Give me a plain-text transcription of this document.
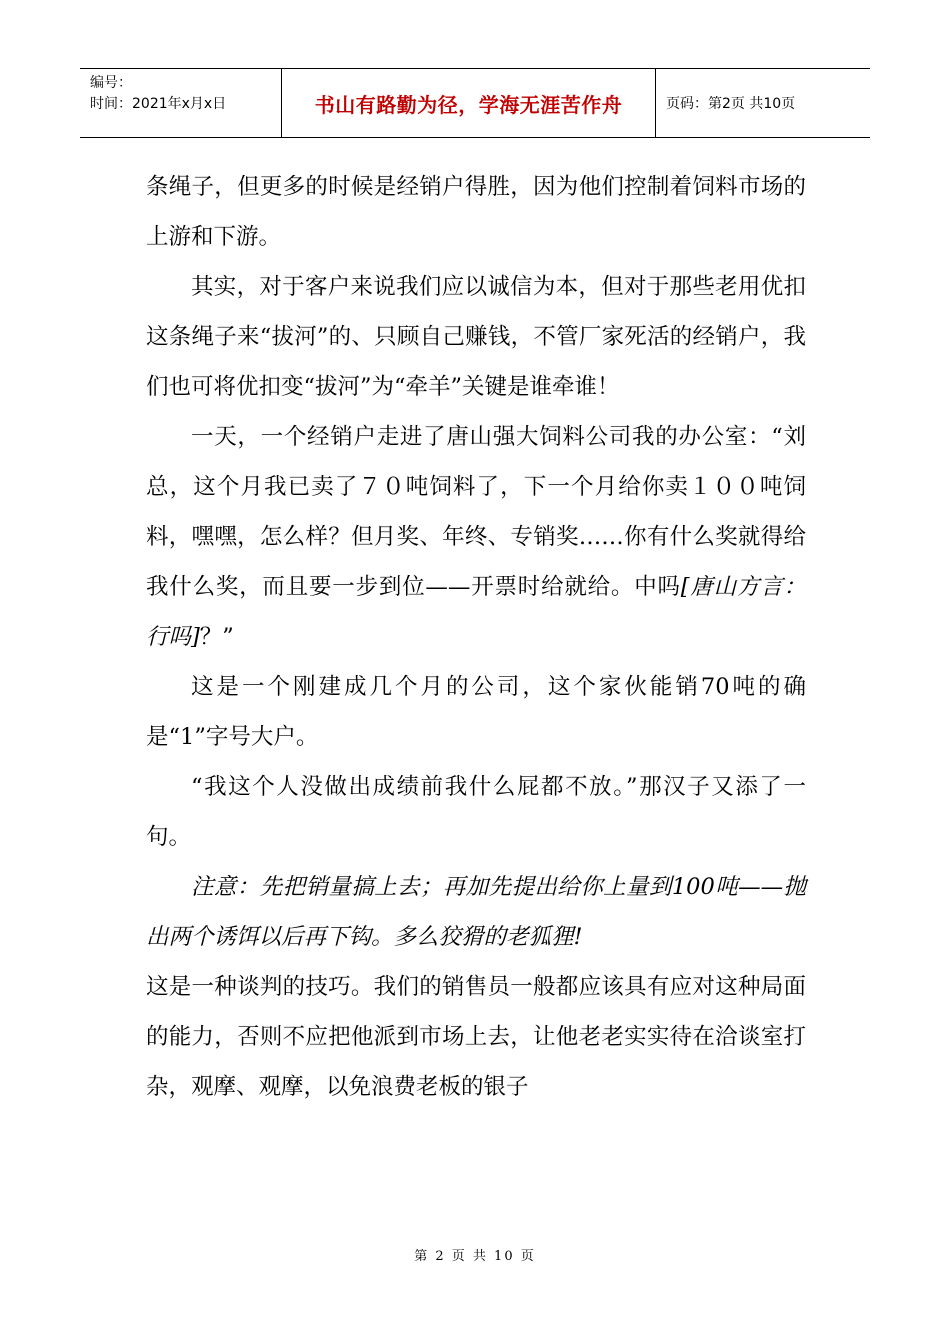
编号：
时间：2021年x月x日	书山有路勤为径，学海无涯苦作舟	页码：第2页 共10页

条绳子，但更多的时候是经销户得胜，因为他们控制着饲料市场的上游和下游。

其实，对于客户来说我们应以诚信为本，但对于那些老用优扣这条绳子来“拔河”的、只顾自己赚钱，不管厂家死活的经销户，我们也可将优扣变“拔河”为“牵羊”关键是谁牵谁！

一天，一个经销户走进了唐山强大饲料公司我的办公室：“刘总，这个月我已卖了７０吨饲料了，下一个月给你卖１００吨饲料，嘿嘿，怎么样？但月奖、年终、专销奖……你有什么奖就得给我什么奖，而且要一步到位——开票时给就给。中吗[唐山方言：行吗]？”

这是一个刚建成几个月的公司，这个家伙能销70吨的确是“1”字号大户。

“我这个人没做出成绩前我什么屁都不放。”那汉子又添了一句。

注意：先把销量搞上去；再加先提出给你上量到100吨——抛出两个诱饵以后再下钩。多么狡猾的老狐狸!

这是一种谈判的技巧。我们的销售员一般都应该具有应对这种局面的能力，否则不应把他派到市场上去，让他老老实实待在洽谈室打杂，观摩、观摩，以免浪费老板的银子

第 2 页 共 10 页
